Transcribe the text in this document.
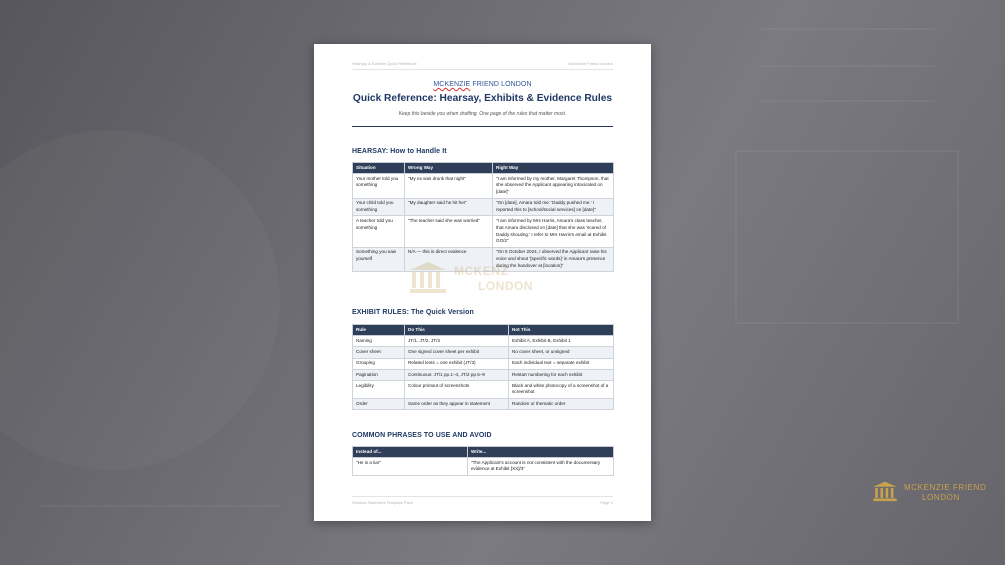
Hearsay & Exhibits Quick Reference	McKenzie Friend London
MCKENZIE FRIEND LONDON
Quick Reference: Hearsay, Exhibits & Evidence Rules
Keep this beside you when drafting. One page of the rules that matter most.
HEARSAY: How to Handle It
Situation	Wrong Way	Right Way
Your mother told you something	"My ex was drunk that night"	"I am informed by my mother, Margaret Thompson, that she observed the Applicant appearing intoxicated on [date]"
Your child told you something	"My daughter said he hit her"	"On [date], Amara told me: 'Daddy pushed me.' I reported this to [school/social services] on [date]"
A teacher told you something	"The teacher said she was worried"	"I am informed by Mrs Harris, Amara's class teacher, that Amara disclosed on [date] that she was 'scared of Daddy shouting.' I refer to Mrs Harris's email at Exhibit GO/2"
Something you saw yourself	N/A — this is direct evidence	"On 5 October 2024, I observed the Applicant raise his voice and shout '[specific words]' in Amara's presence during the handover at [location]"
MCKENZ
LONDON
EXHIBIT RULES: The Quick Version
Rule	Do This	Not This
Naming	JT/1, JT/2, JT/3	Exhibit A, Exhibit B, Exhibit 1
Cover sheet	One signed cover sheet per exhibit	No cover sheet, or unsigned
Grouping	Related texts = one exhibit (JT/3)	Each individual text = separate exhibit
Pagination	Continuous: JT/1 pp.1–4, JT/2 pp.5–9	Restart numbering for each exhibit
Legibility	Colour printout of screenshots	Black and white photocopy of a screenshot of a screenshot
Order	Same order as they appear in statement	Random or thematic order
COMMON PHRASES TO USE AND AVOID
Instead of...	Write...
"He is a liar"	"The Applicant's account is not consistent with the documentary evidence at Exhibit [XX]/3"
Witness Statement Template Pack	Page 1
MCKENZIE FRIEND
LONDON
